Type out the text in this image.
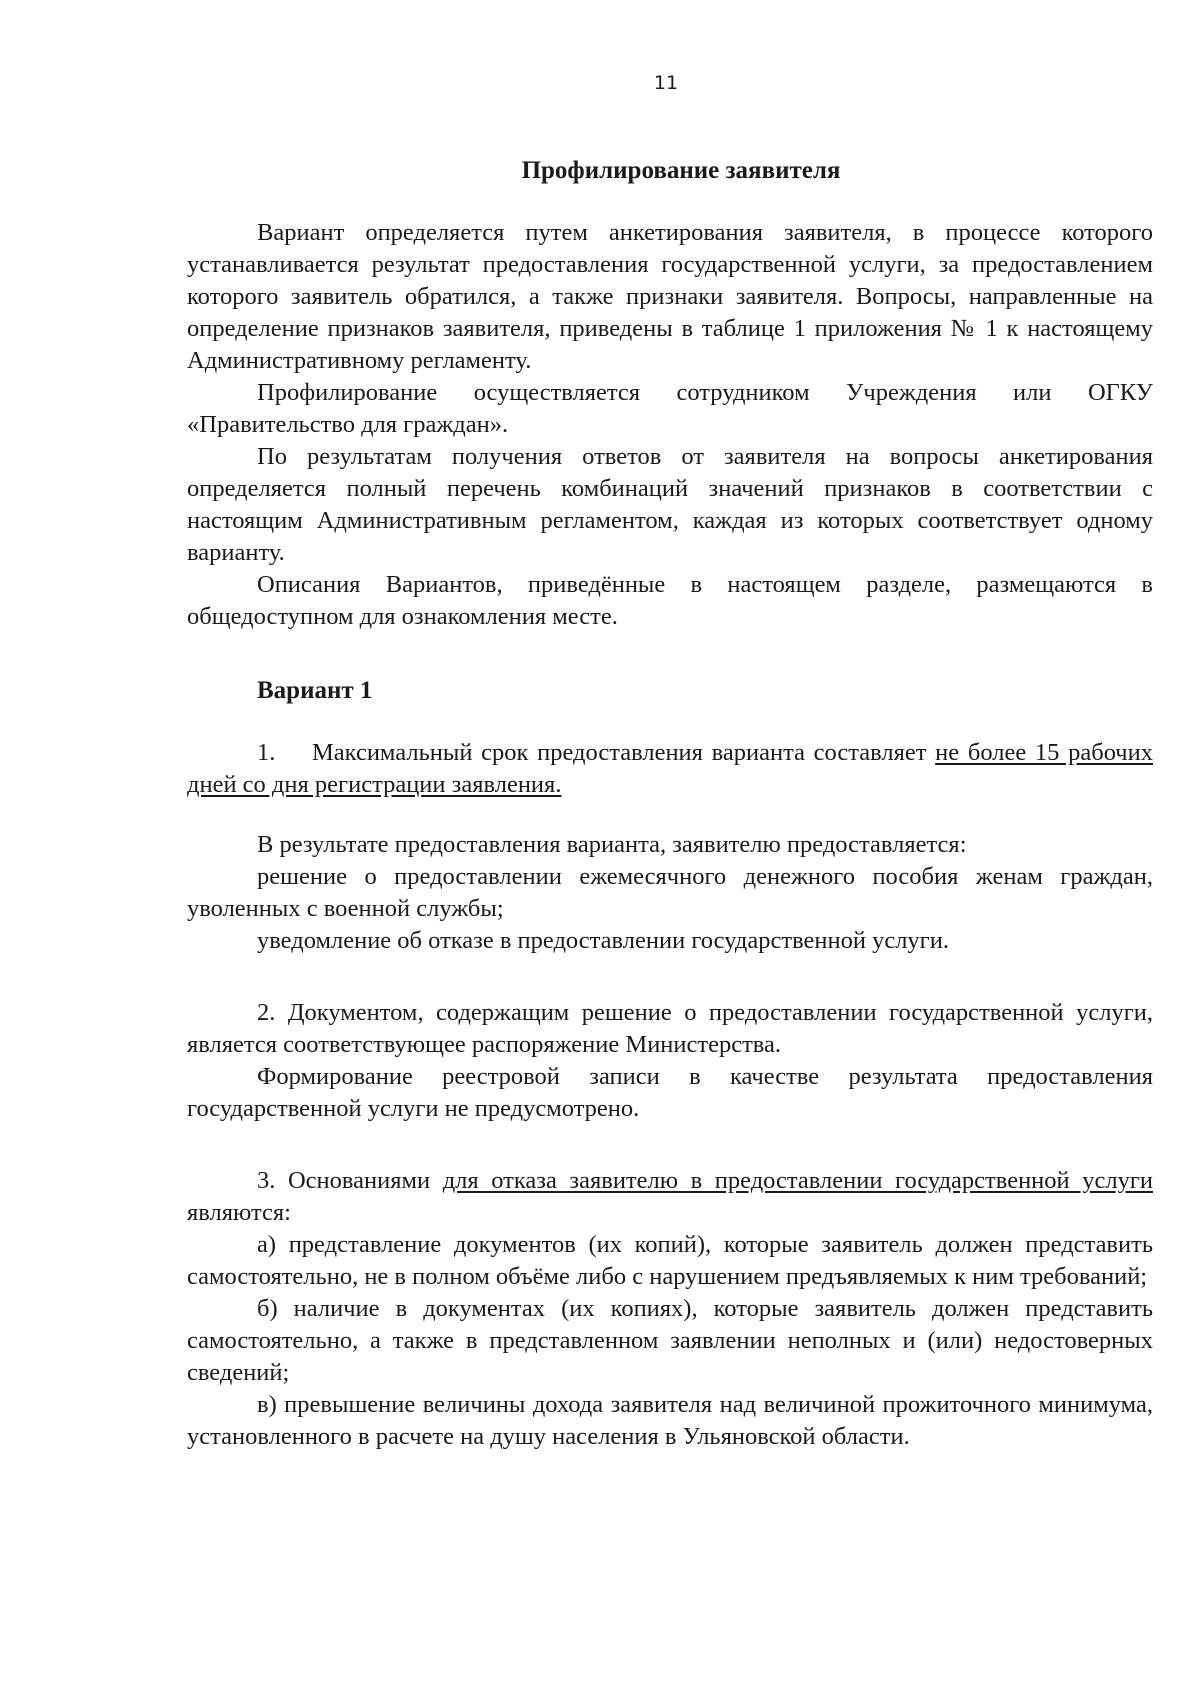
11
Профилирование заявителя

Вариант определяется путем анкетирования заявителя, в процессе которого устанавливается результат предоставления государственной услуги, за предоставлением которого заявитель обратился, а также признаки заявителя. Вопросы, направленные на определение признаков заявителя, приведены в таблице 1 приложения № 1 к настоящему Административному регламенту.

Профилирование осуществляется сотрудником Учреждения или ОГКУ «Правительство для граждан».

По результатам получения ответов от заявителя на вопросы анкетирования определяется полный перечень комбинаций значений признаков в соответствии с настоящим Административным регламентом, каждая из которых соответствует одному варианту.

Описания Вариантов, приведённые в настоящем разделе, размещаются в общедоступном для ознакомления месте.

Вариант 1

1. Максимальный срок предоставления варианта составляет не более 15 рабочих дней со дня регистрации заявления.

В результате предоставления варианта, заявителю предоставляется:

решение о предоставлении ежемесячного денежного пособия женам граждан, уволенных с военной службы;

уведомление об отказе в предоставлении государственной услуги.

2. Документом, содержащим решение о предоставлении государственной услуги, является соответствующее распоряжение Министерства.

Формирование реестровой записи в качестве результата предоставления государственной услуги не предусмотрено.

3. Основаниями для отказа заявителю в предоставлении государственной услуги являются:

а) представление документов (их копий), которые заявитель должен представить самостоятельно, не в полном объёме либо с нарушением предъявляемых к ним требований;

б) наличие в документах (их копиях), которые заявитель должен представить самостоятельно, а также в представленном заявлении неполных и (или) недостоверных сведений;

в) превышение величины дохода заявителя над величиной прожиточного минимума, установленного в расчете на душу населения в Ульяновской области.
